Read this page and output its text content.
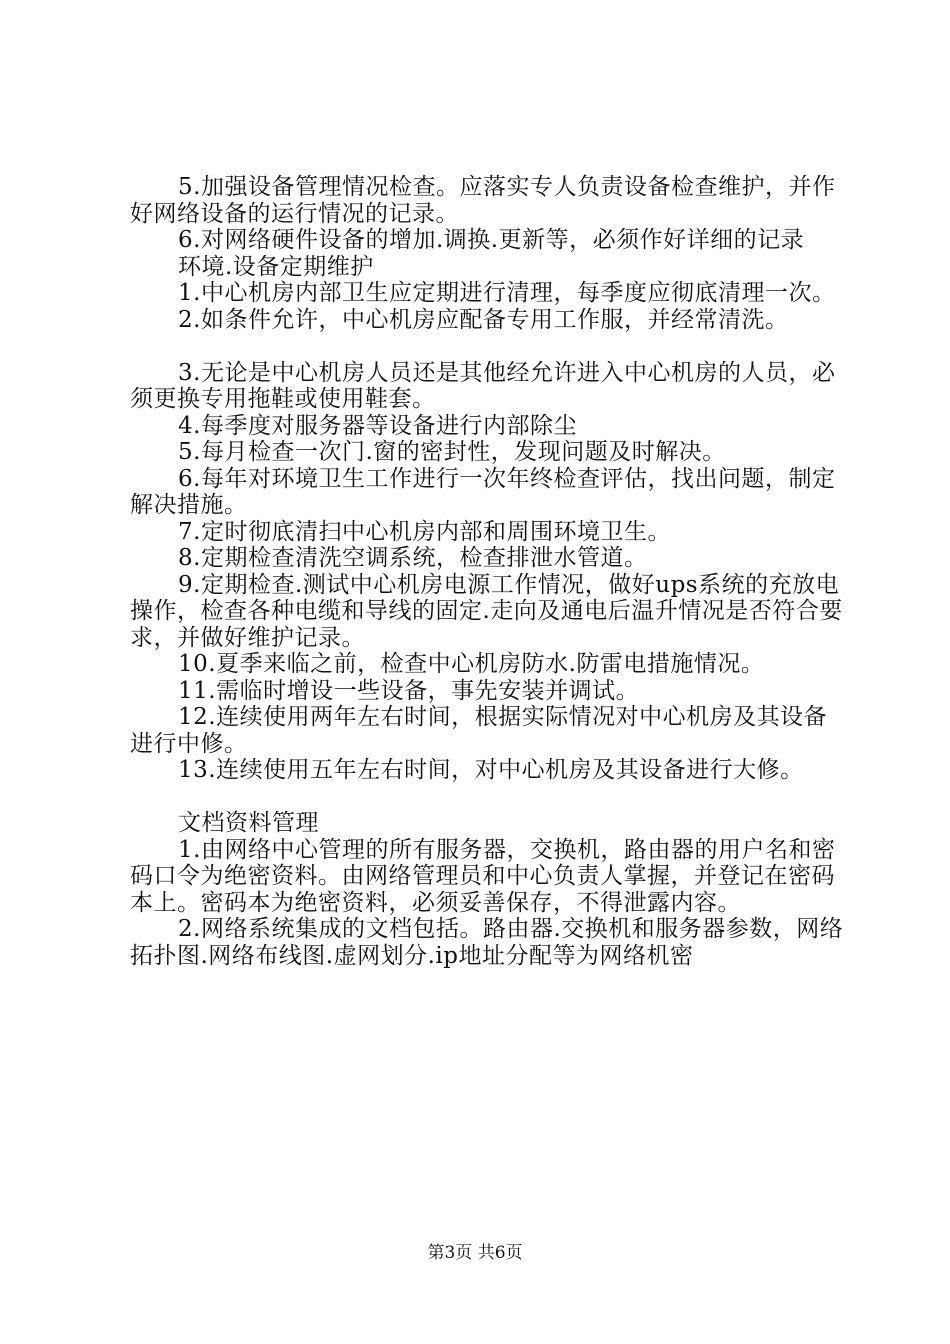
5.加强设备管理情况检查。应落实专人负责设备检查维护，并作好网络设备的运行情况的记录。

6.对网络硬件设备的增加.调换.更新等，必须作好详细的记录

环境.设备定期维护

1.中心机房内部卫生应定期进行清理，每季度应彻底清理一次。

2.如条件允许，中心机房应配备专用工作服，并经常清洗。

3.无论是中心机房人员还是其他经允许进入中心机房的人员，必须更换专用拖鞋或使用鞋套。

4.每季度对服务器等设备进行内部除尘

5.每月检查一次门.窗的密封性，发现问题及时解决。

6.每年对环境卫生工作进行一次年终检查评估，找出问题，制定解决措施。

7.定时彻底清扫中心机房内部和周围环境卫生。

8.定期检查清洗空调系统，检查排泄水管道。

9.定期检查.测试中心机房电源工作情况，做好ups系统的充放电操作，检查各种电缆和导线的固定.走向及通电后温升情况是否符合要求，并做好维护记录。

10.夏季来临之前，检查中心机房防水.防雷电措施情况。

11.需临时增设一些设备，事先安装并调试。

12.连续使用两年左右时间，根据实际情况对中心机房及其设备进行中修。

13.连续使用五年左右时间，对中心机房及其设备进行大修。

文档资料管理

1.由网络中心管理的所有服务器，交换机，路由器的用户名和密码口令为绝密资料。由网络管理员和中心负责人掌握，并登记在密码本上。密码本为绝密资料，必须妥善保存，不得泄露内容。

2.网络系统集成的文档包括。路由器.交换机和服务器参数，网络拓扑图.网络布线图.虚网划分.ip地址分配等为网络机密

第3页 共6页
